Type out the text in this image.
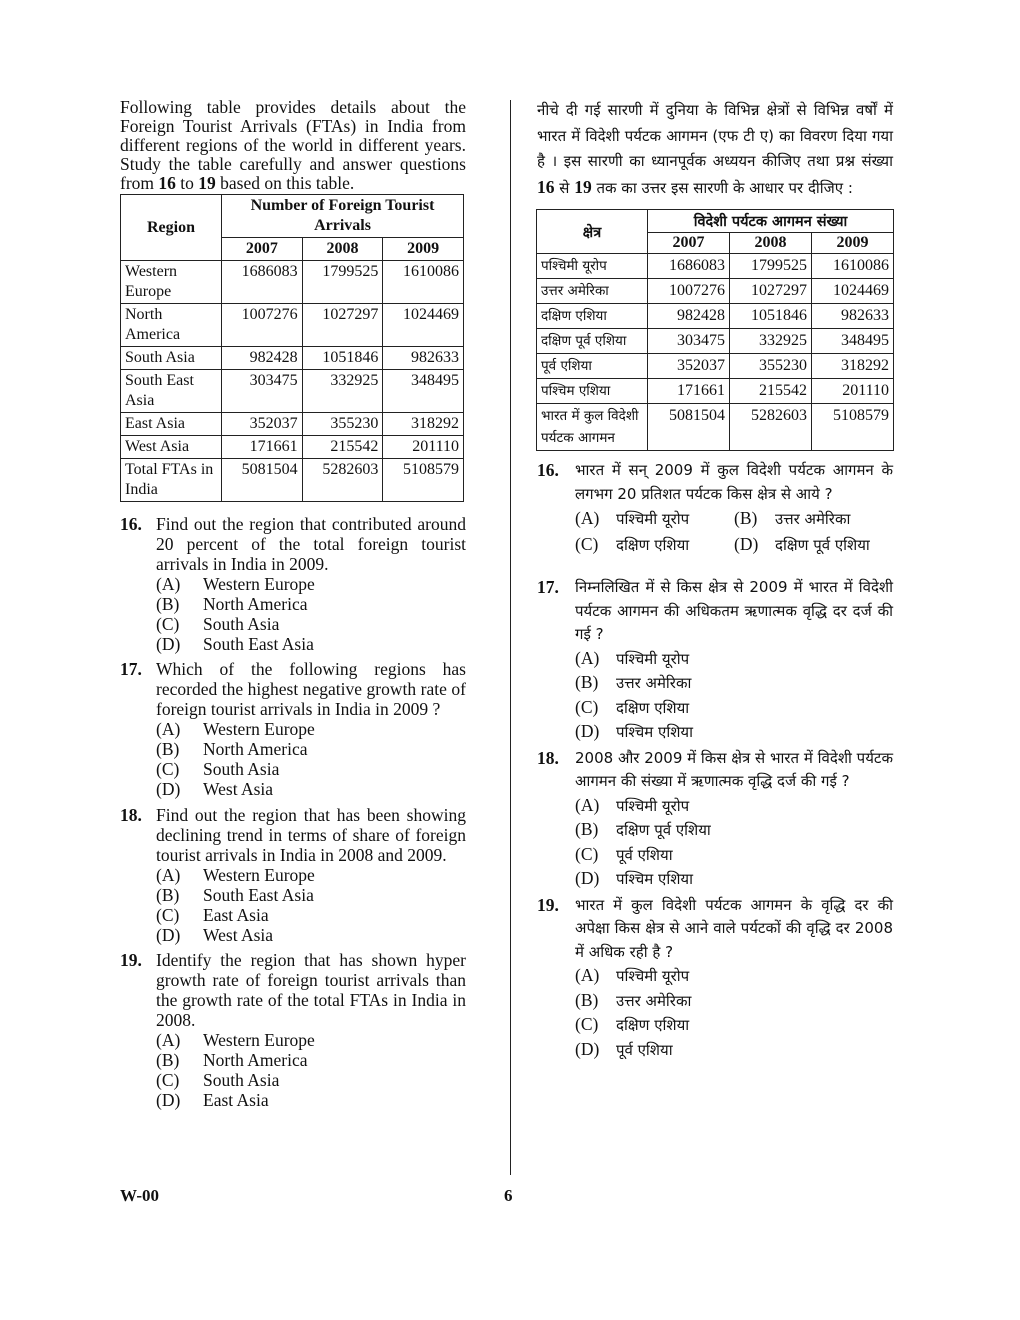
Following table provides details about the Foreign Tourist Arrivals (FTAs) in India from different regions of the world in different years. Study the table carefully and answer questions from 16 to 19 based on this table.

Region	Number of Foreign Tourist Arrivals		
	2007	2008	2009
Western Europe	1686083	1799525	1610086
North America	1007276	1027297	1024469
South Asia	982428	1051846	982633
South East Asia	303475	332925	348495
East Asia	352037	355230	318292
West Asia	171661	215542	201110
Total FTAs in India	5081504	5282603	5108579
16. Find out the region that contributed around 20 percent of the total foreign tourist arrivals in India in 2009.
(A) Western Europe
(B) North America
(C) South Asia
(D) South East Asia
17. Which of the following regions has recorded the highest negative growth rate of foreign tourist arrivals in India in 2009 ?
(A) Western Europe
(B) North America
(C) South Asia
(D) West Asia
18. Find out the region that has been showing declining trend in terms of share of foreign tourist arrivals in India in 2008 and 2009.
(A) Western Europe
(B) South East Asia
(C) East Asia
(D) West Asia
19. Identify the region that has shown hyper growth rate of foreign tourist arrivals than the growth rate of the total FTAs in India in 2008.
(A) Western Europe
(B) North America
(C) South Asia
(D) East Asia

नीचे दी गई सारणी में दुनिया के विभिन्न क्षेत्रों से विभिन्न वर्षों में भारत में विदेशी पर्यटक आगमन (एफ टी ए) का विवरण दिया गया है । इस सारणी का ध्यानपूर्वक अध्ययन कीजिए तथा प्रश्न संख्या 16 से 19 तक का उत्तर इस सारणी के आधार पर दीजिए :

क्षेत्र	विदेशी पर्यटक आगमन संख्या		
	2007	2008	2009
पश्चिमी यूरोप	1686083	1799525	1610086
उत्तर अमेरिका	1007276	1027297	1024469
दक्षिण एशिया	982428	1051846	982633
दक्षिण पूर्व एशिया	303475	332925	348495
पूर्व एशिया	352037	355230	318292
पश्चिम एशिया	171661	215542	201110
भारत में कुल विदेशी पर्यटक आगमन	5081504	5282603	5108579
16. भारत में सन् 2009 में कुल विदेशी पर्यटक आगमन के लगभग 20 प्रतिशत पर्यटक किस क्षेत्र से आये ?
(A) पश्चिमी यूरोप	(B) उत्तर अमेरिका
(C) दक्षिण एशिया	(D) दक्षिण पूर्व एशिया
17. निम्नलिखित में से किस क्षेत्र से 2009 में भारत में विदेशी पर्यटक आगमन की अधिकतम ऋणात्मक वृद्धि दर दर्ज की गई ?
(A) पश्चिमी यूरोप
(B) उत्तर अमेरिका
(C) दक्षिण एशिया
(D) पश्चिम एशिया
18. 2008 और 2009 में किस क्षेत्र से भारत में विदेशी पर्यटक आगमन की संख्या में ऋणात्मक वृद्धि दर्ज की गई ?
(A) पश्चिमी यूरोप
(B) दक्षिण पूर्व एशिया
(C) पूर्व एशिया
(D) पश्चिम एशिया
19. भारत में कुल विदेशी पर्यटक आगमन के वृद्धि दर की अपेक्षा किस क्षेत्र से आने वाले पर्यटकों की वृद्धि दर 2008 में अधिक रही है ?
(A) पश्चिमी यूरोप
(B) उत्तर अमेरिका
(C) दक्षिण एशिया
(D) पूर्व एशिया
W-00	6
